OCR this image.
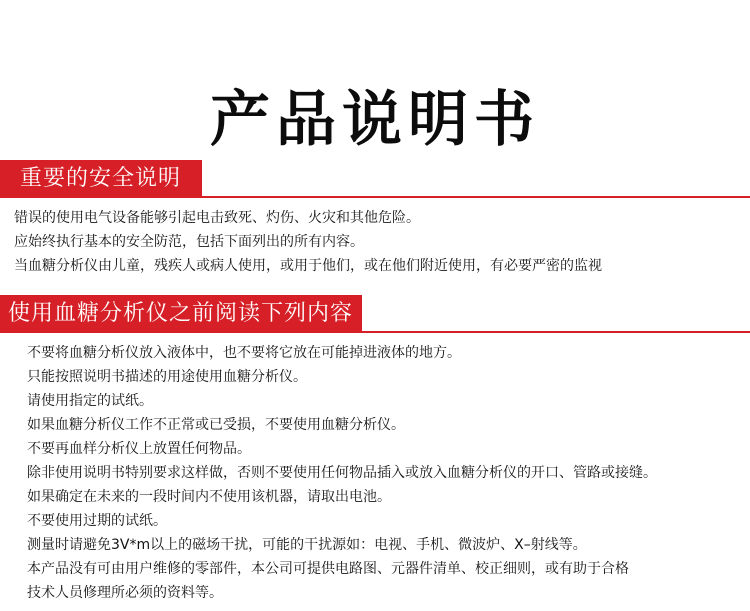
产品说明书
重要的安全说明
错误的使用电气设备能够引起电击致死、灼伤、火灾和其他危险。
应始终执行基本的安全防范，包括下面列出的所有内容。
当血糖分析仪由儿童，残疾人或病人使用，或用于他们，或在他们附近使用，有必要严密的监视
使用血糖分析仪之前阅读下列内容
不要将血糖分析仪放入液体中，也不要将它放在可能掉进液体的地方。
只能按照说明书描述的用途使用血糖分析仪。
请使用指定的试纸。
如果血糖分析仪工作不正常或已受损，不要使用血糖分析仪。
不要再血样分析仪上放置任何物品。
除非使用说明书特别要求这样做，否则不要使用任何物品插入或放入血糖分析仪的开口、管路或接缝。
如果确定在未来的一段时间内不使用该机器，请取出电池。
不要使用过期的试纸。
测量时请避免3V*m以上的磁场干扰，可能的干扰源如：电视、手机、微波炉、X–射线等。
本产品没有可由用户维修的零部件，本公司可提供电路图、元器件清单、校正细则，或有助于合格
技术人员修理所必须的资料等。
